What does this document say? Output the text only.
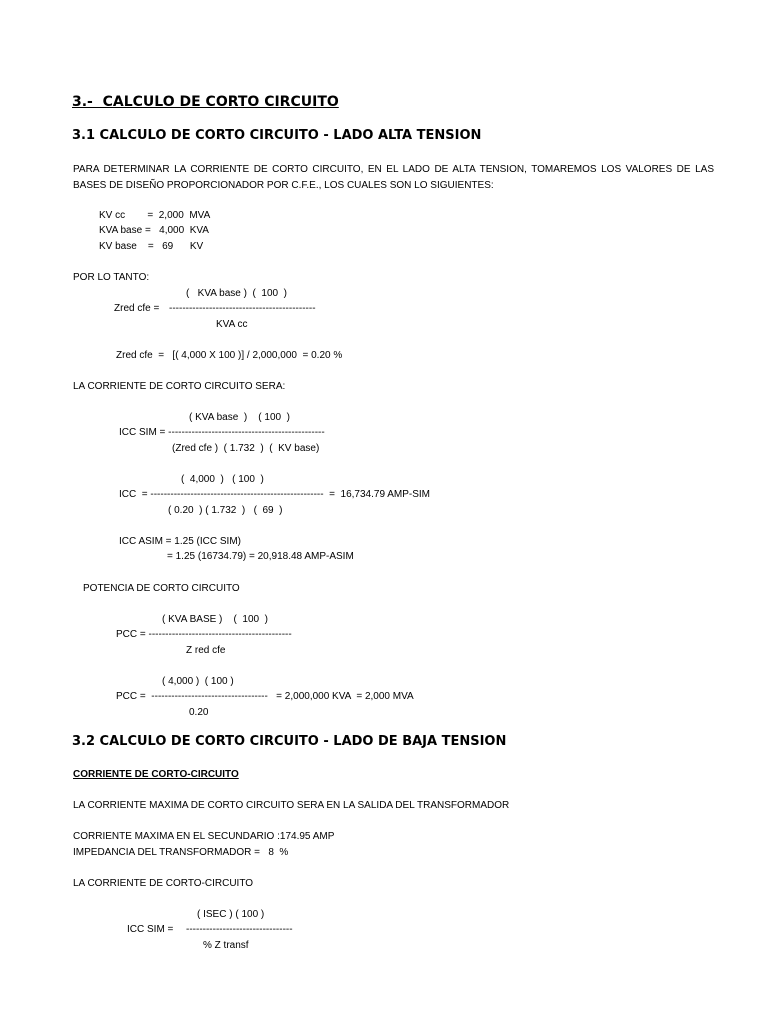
3.-  CALCULO DE CORTO CIRCUITO
3.1 CALCULO DE CORTO CIRCUITO - LADO ALTA TENSION
PARA DETERMINAR LA CORRIENTE DE CORTO CIRCUITO, EN EL LADO DE ALTA TENSION, TOMAREMOS LOS VALORES DE LAS BASES DE DISEÑO PROPORCIONADOR POR C.F.E., LOS CUALES SON LO SIGUIENTES:
KV cc        =  2,000  MVA
KVA base =   4,000  KVA
KV base    =   69      KV
POR LO TANTO:
(   KVA base )  (  100  )
Zred cfe = --------------------------------------------
KVA cc
Zred cfe  =   [( 4,000 X 100 )] / 2,000,000  = 0.20 %
LA CORRIENTE DE CORTO CIRCUITO SERA:
( KVA base  )    ( 100  )
ICC SIM = -----------------------------------------------
(Zred cfe )  ( 1.732  )  (  KV base)
(  4,000  )   ( 100  )
ICC  = ----------------------------------------------------  =  16,734.79 AMP-SIM
( 0.20  ) ( 1.732  )   (  69  )
ICC ASIM = 1.25 (ICC SIM)
= 1.25 (16734.79) = 20,918.48 AMP-ASIM
POTENCIA DE CORTO CIRCUITO
( KVA BASE )    (  100  )
PCC = -------------------------------------------
Z red cfe
( 4,000 )  ( 100 )
PCC =  -----------------------------------   = 2,000,000 KVA  = 2,000 MVA
0.20
3.2 CALCULO DE CORTO CIRCUITO - LADO DE BAJA TENSION
CORRIENTE DE CORTO-CIRCUITO
LA CORRIENTE MAXIMA DE CORTO CIRCUITO SERA EN LA SALIDA DEL TRANSFORMADOR
CORRIENTE MAXIMA EN EL SECUNDARIO :174.95 AMP
IMPEDANCIA DEL TRANSFORMADOR =   8  %
LA CORRIENTE DE CORTO-CIRCUITO
( ISEC ) ( 100 )
ICC SIM = --------------------------------
% Z transf
